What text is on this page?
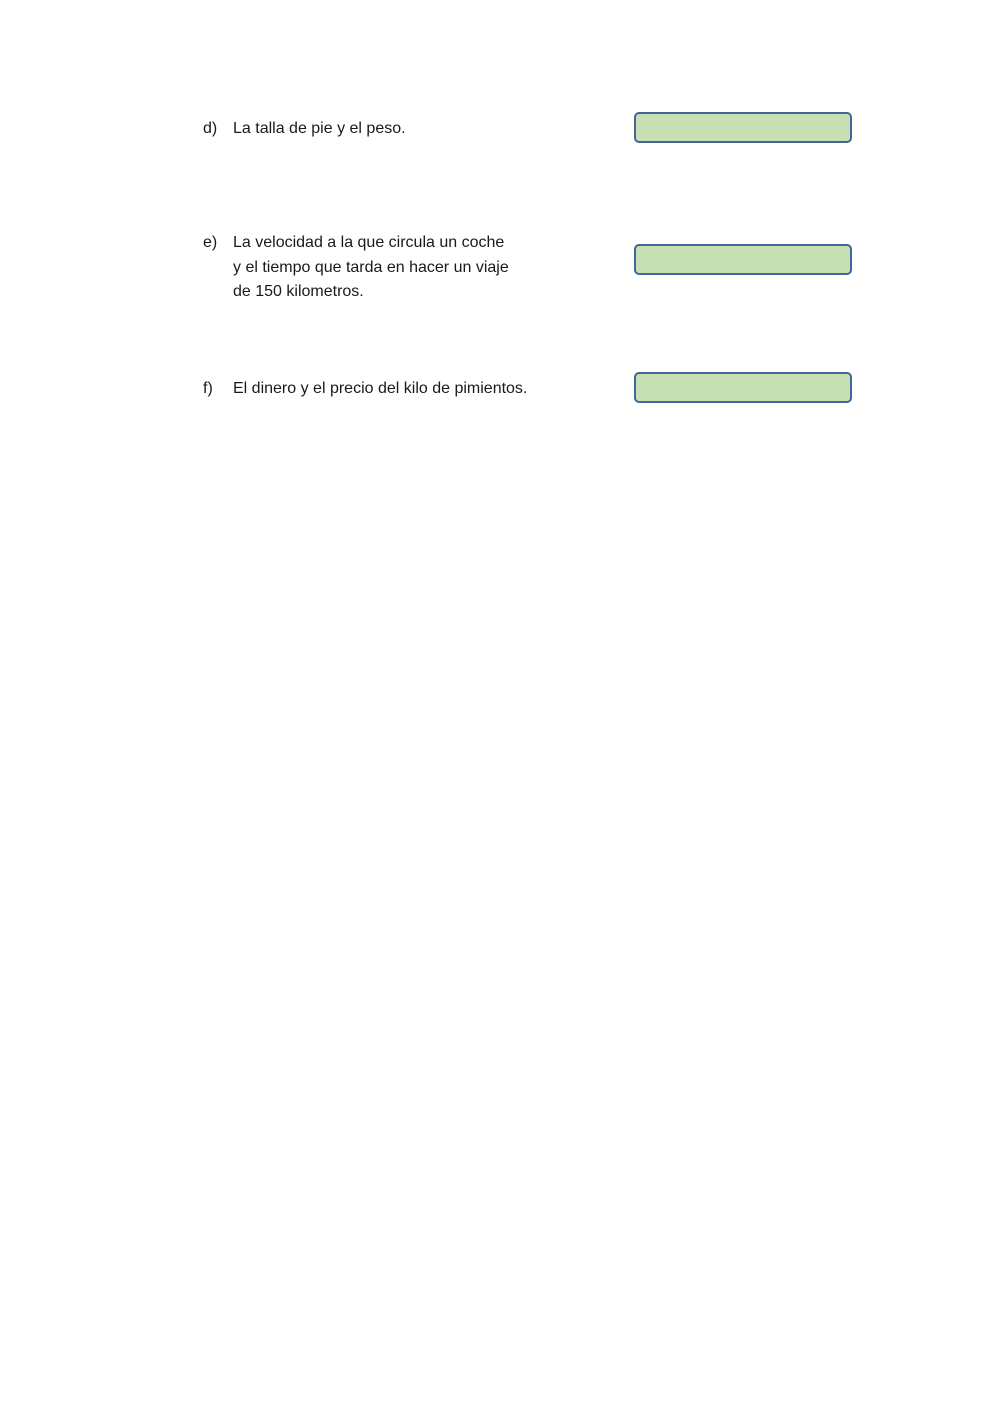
d) La talla de pie y el peso.
e) La velocidad a la que circula un coche
y el tiempo que tarda en hacer un viaje
de 150 kilometros.
f)	El dinero y el precio del kilo de pimientos.
